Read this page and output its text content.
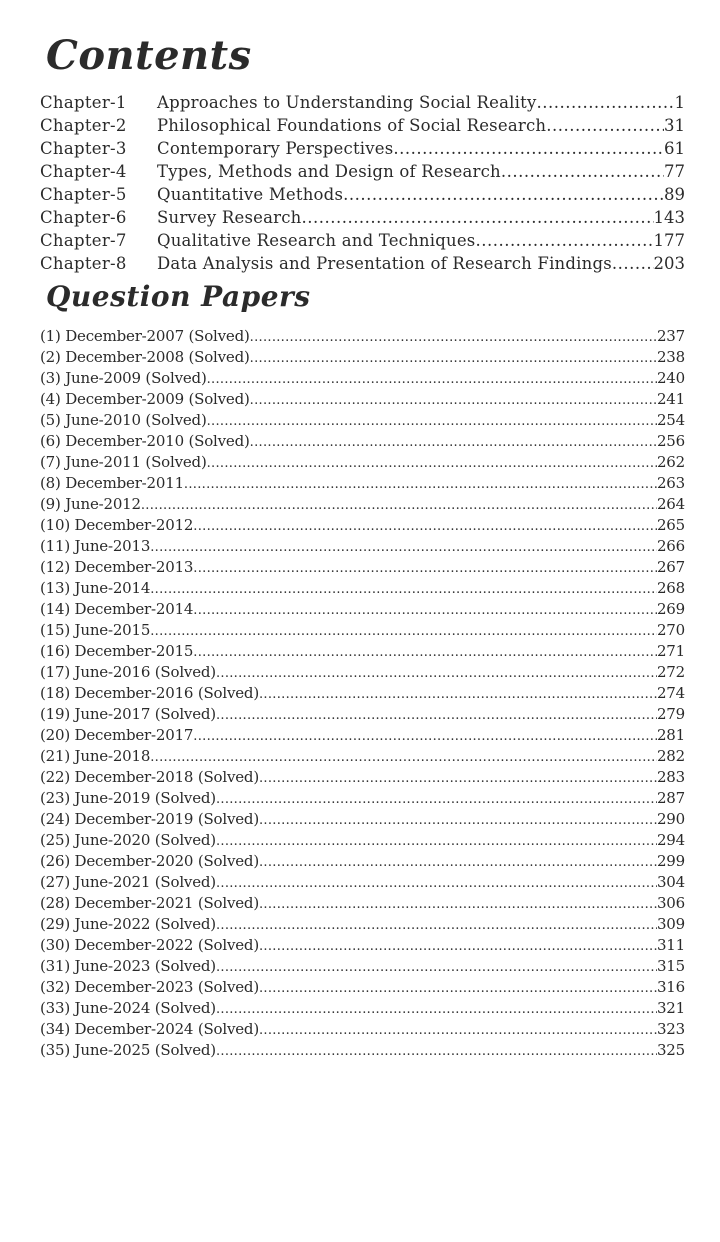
Contents
Chapter-1	Approaches to Understanding Social Reality .....	1
Chapter-2	Philosophical Foundations of Social Research .....	31
Chapter-3	Contemporary Perspectives .....	61
Chapter-4	Types, Methods and Design of Research .....	77
Chapter-5	Quantitative Methods .....	89
Chapter-6	Survey Research .....	143
Chapter-7	Qualitative Research and Techniques .....	177
Chapter-8	Data Analysis and Presentation of Research Findings .....	203
Question Papers
(1) December-2007 (Solved) .....	237
(2) December-2008 (Solved) .....	238
(3) June-2009 (Solved) .....	240
(4) December-2009 (Solved) .....	241
(5) June-2010 (Solved) .....	254
(6) December-2010 (Solved) .....	256
(7) June-2011 (Solved) .....	262
(8) December-2011 .....	263
(9) June-2012 .....	264
(10) December-2012 .....	265
(11) June-2013 .....	266
(12) December-2013 .....	267
(13) June-2014 .....	268
(14) December-2014 .....	269
(15) June-2015 .....	270
(16) December-2015 .....	271
(17) June-2016 (Solved) .....	272
(18) December-2016 (Solved) .....	274
(19) June-2017 (Solved) .....	279
(20) December-2017 .....	281
(21) June-2018 .....	282
(22) December-2018 (Solved) .....	283
(23) June-2019 (Solved) .....	287
(24) December-2019 (Solved) .....	290
(25) June-2020 (Solved) .....	294
(26) December-2020 (Solved) .....	299
(27) June-2021 (Solved) .....	304
(28) December-2021 (Solved) .....	306
(29) June-2022 (Solved) .....	309
(30) December-2022 (Solved) .....	311
(31) June-2023 (Solved) .....	315
(32) December-2023 (Solved) .....	316
(33) June-2024 (Solved) .....	321
(34) December-2024 (Solved) .....	323
(35) June-2025 (Solved) .....	325
